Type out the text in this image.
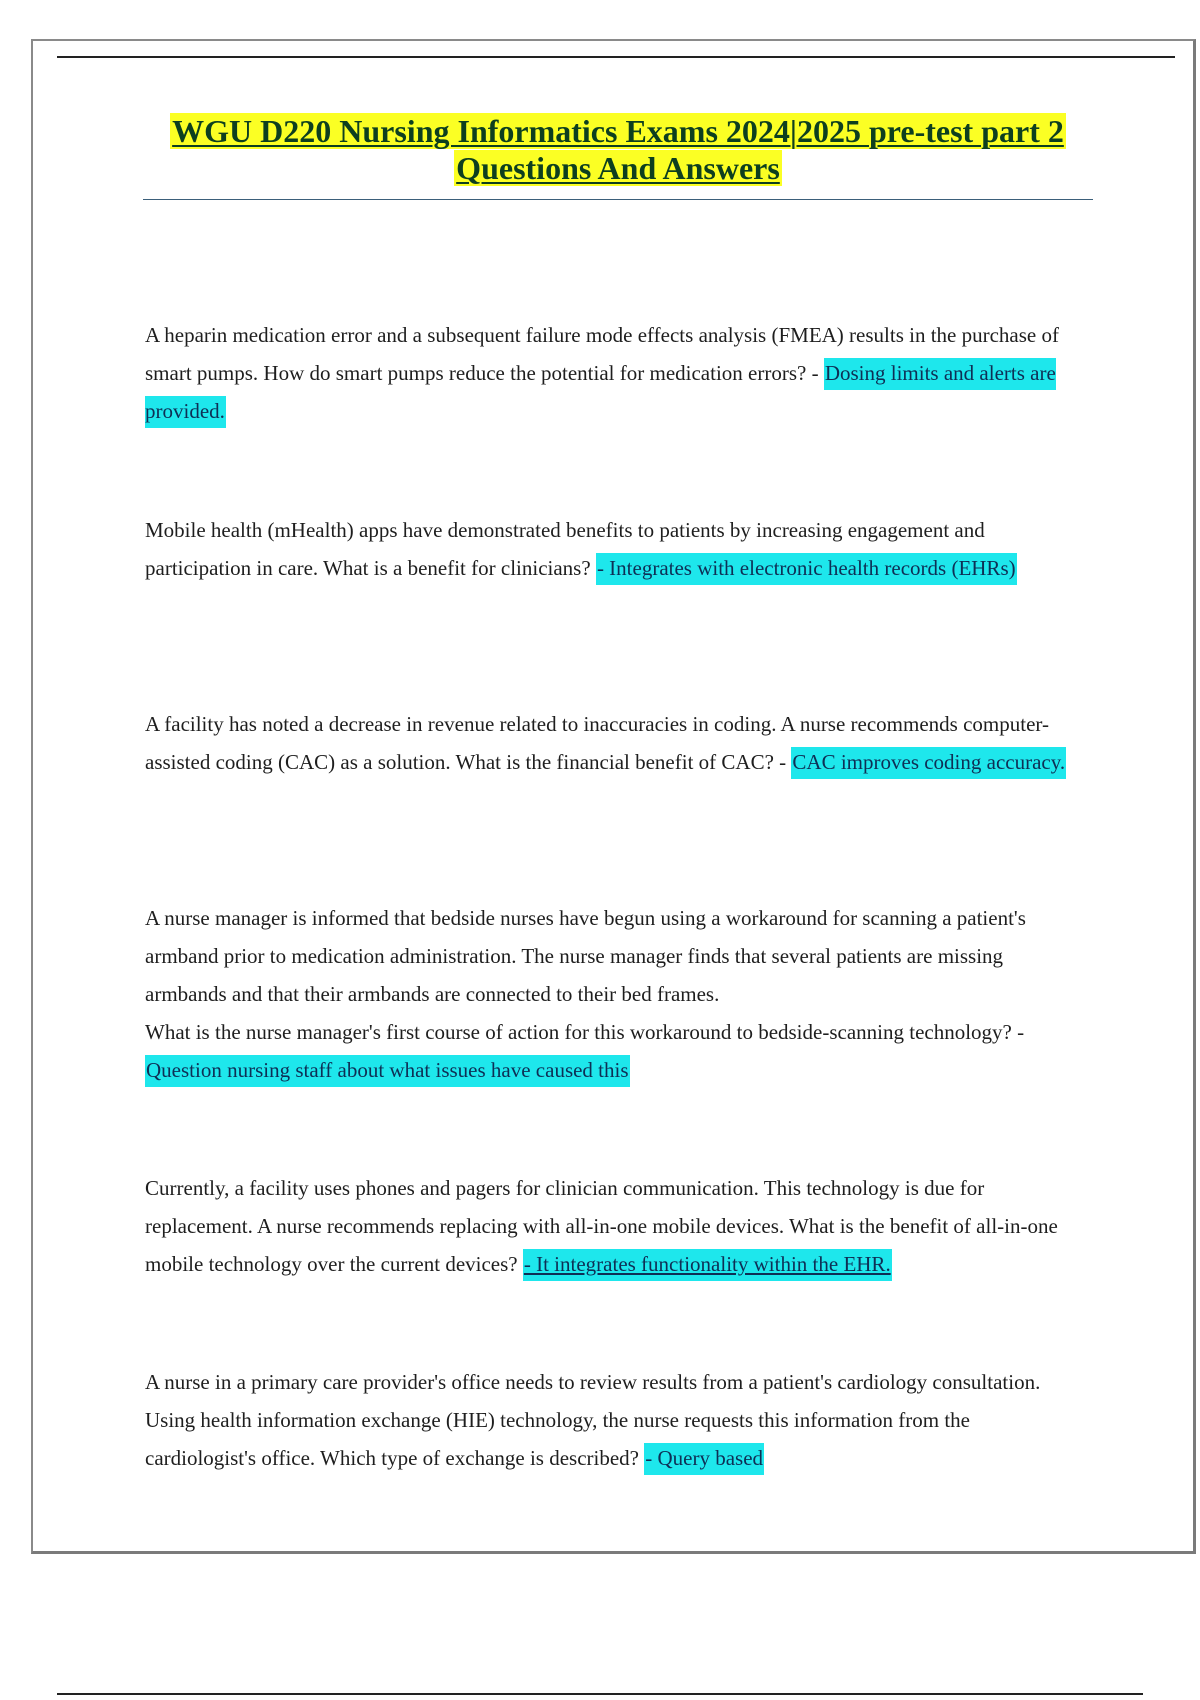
WGU D220 Nursing Informatics Exams 2024|2025 pre-test part 2
Questions And Answers
A heparin medication error and a subsequent failure mode effects analysis (FMEA) results in the purchase of smart pumps. How do smart pumps reduce the potential for medication errors? - Dosing limits and alerts are provided.
Mobile health (mHealth) apps have demonstrated benefits to patients by increasing engagement and participation in care. What is a benefit for clinicians? - Integrates with electronic health records (EHRs)
A facility has noted a decrease in revenue related to inaccuracies in coding. A nurse recommends computer-assisted coding (CAC) as a solution. What is the financial benefit of CAC? - CAC improves coding accuracy.
A nurse manager is informed that bedside nurses have begun using a workaround for scanning a patient's armband prior to medication administration. The nurse manager finds that several patients are missing armbands and that their armbands are connected to their bed frames.
What is the nurse manager's first course of action for this workaround to bedside-scanning technology? - Question nursing staff about what issues have caused this
Currently, a facility uses phones and pagers for clinician communication. This technology is due for replacement. A nurse recommends replacing with all-in-one mobile devices. What is the benefit of all-in-one mobile technology over the current devices? - It integrates functionality within the EHR.
A nurse in a primary care provider's office needs to review results from a patient's cardiology consultation. Using health information exchange (HIE) technology, the nurse requests this information from the cardiologist's office. Which type of exchange is described? - Query based
